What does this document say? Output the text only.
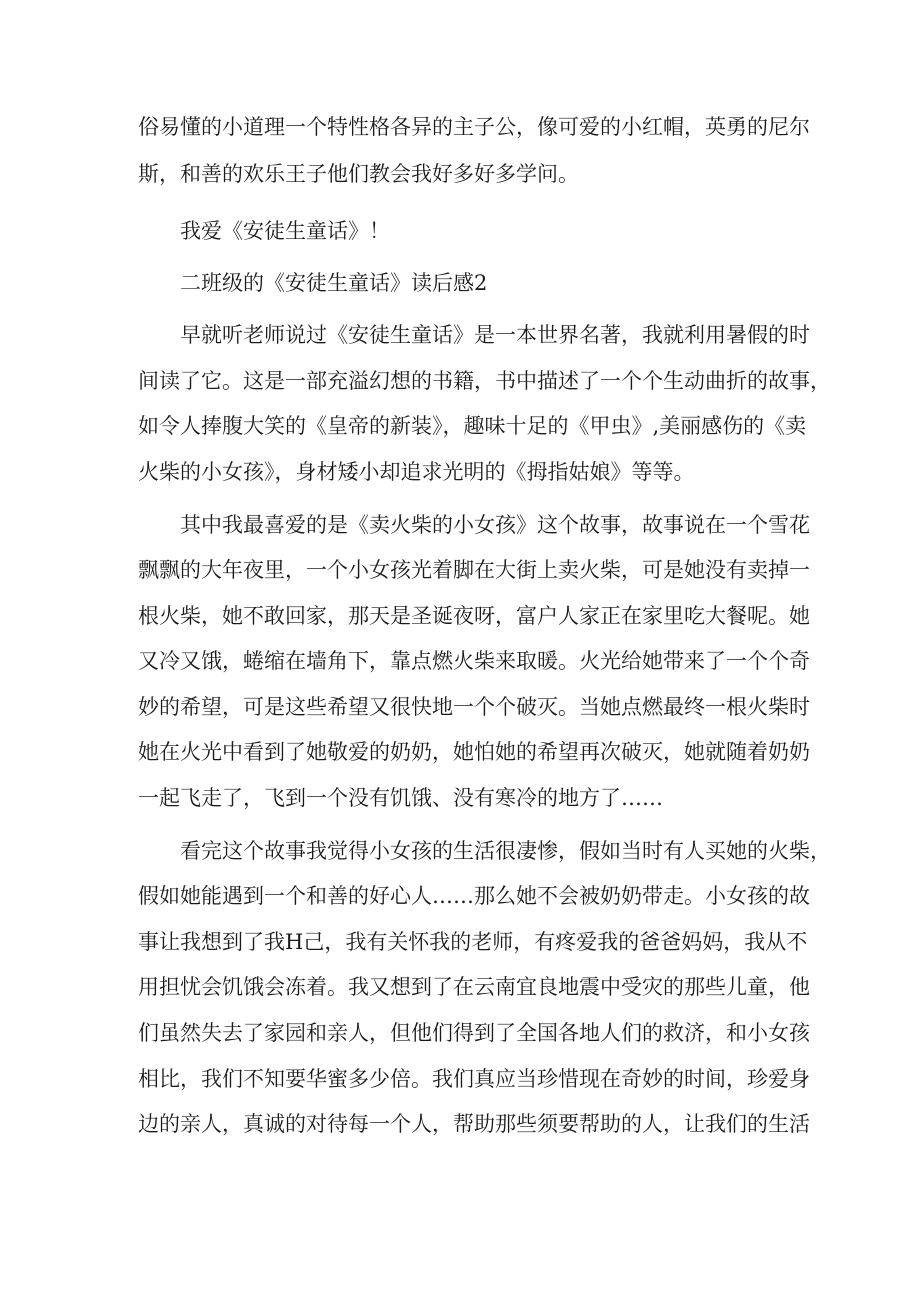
俗易懂的小道理一个特性格各异的主子公，像可爱的小红帽，英勇的尼尔
斯，和善的欢乐王子他们教会我好多好多学问。
我爱《安徒生童话》！
二班级的《安徒生童话》读后感2
早就听老师说过《安徒生童话》是一本世界名著，我就利用暑假的时
间读了它。这是一部充溢幻想的书籍，书中描述了一个个生动曲折的故事，
如令人捧腹大笑的《皇帝的新装》，趣味十足的《甲虫》,美丽感伤的《卖
火柴的小女孩》，身材矮小却追求光明的《拇指姑娘》等等。
其中我最喜爱的是《卖火柴的小女孩》这个故事，故事说在一个雪花
飘飘的大年夜里，一个小女孩光着脚在大街上卖火柴，可是她没有卖掉一
根火柴，她不敢回家，那天是圣诞夜呀，富户人家正在家里吃大餐呢。她
又冷又饿，蜷缩在墙角下，靠点燃火柴来取暖。火光给她带来了一个个奇
妙的希望，可是这些希望又很快地一个个破灭。当她点燃最终一根火柴时
她在火光中看到了她敬爱的奶奶，她怕她的希望再次破灭，她就随着奶奶
一起飞走了，飞到一个没有饥饿、没有寒冷的地方了……
看完这个故事我觉得小女孩的生活很凄惨，假如当时有人买她的火柴，
假如她能遇到一个和善的好心人……那么她不会被奶奶带走。小女孩的故
事让我想到了我H己，我有关怀我的老师，有疼爱我的爸爸妈妈，我从不
用担忧会饥饿会冻着。我又想到了在云南宜良地震中受灾的那些儿童，他
们虽然失去了家园和亲人，但他们得到了全国各地人们的救济，和小女孩
相比，我们不知要华蜜多少倍。我们真应当珍惜现在奇妙的时间，珍爱身
边的亲人，真诚的对待每一个人，帮助那些须要帮助的人，让我们的生活
